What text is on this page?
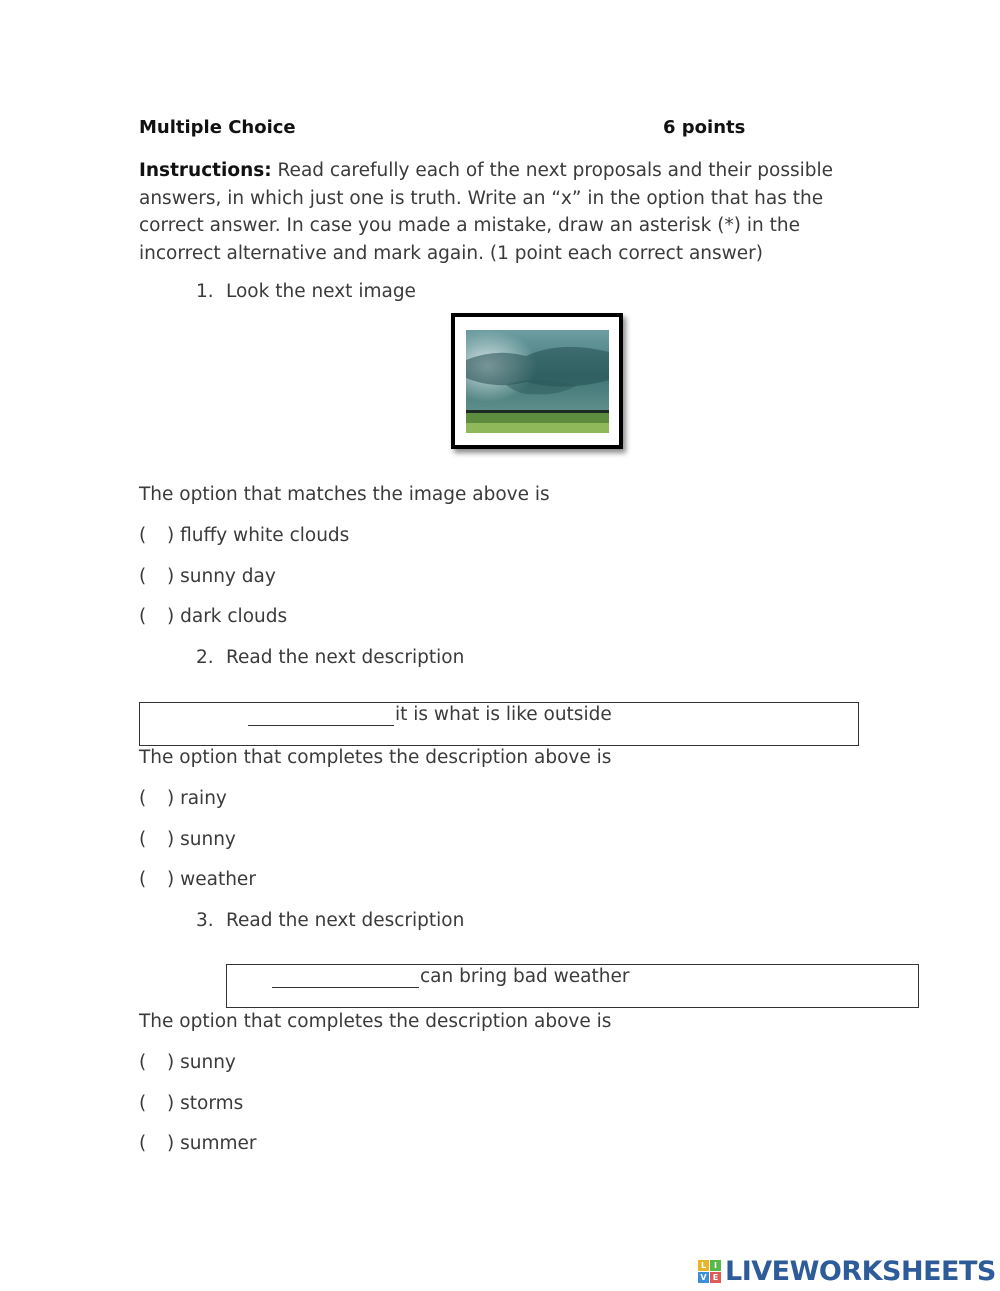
Multiple Choice	6 points
Instructions: Read carefully each of the next proposals and their possible answers, in which just one is truth. Write an “x” in the option that has the correct answer. In case you made a mistake, draw an asterisk (*) in the incorrect alternative and mark again. (1 point each correct answer)
1. Look the next image
The option that matches the image above is
( ) fluffy white clouds
( ) sunny day
( ) dark clouds
2. Read the next description
it is what is like outside
The option that completes the description above is
( ) rainy
( ) sunny
( ) weather
3. Read the next description
can bring bad weather
The option that completes the description above is
( ) sunny
( ) storms
( ) summer
L I
V E LIVEWORKSHEETS
